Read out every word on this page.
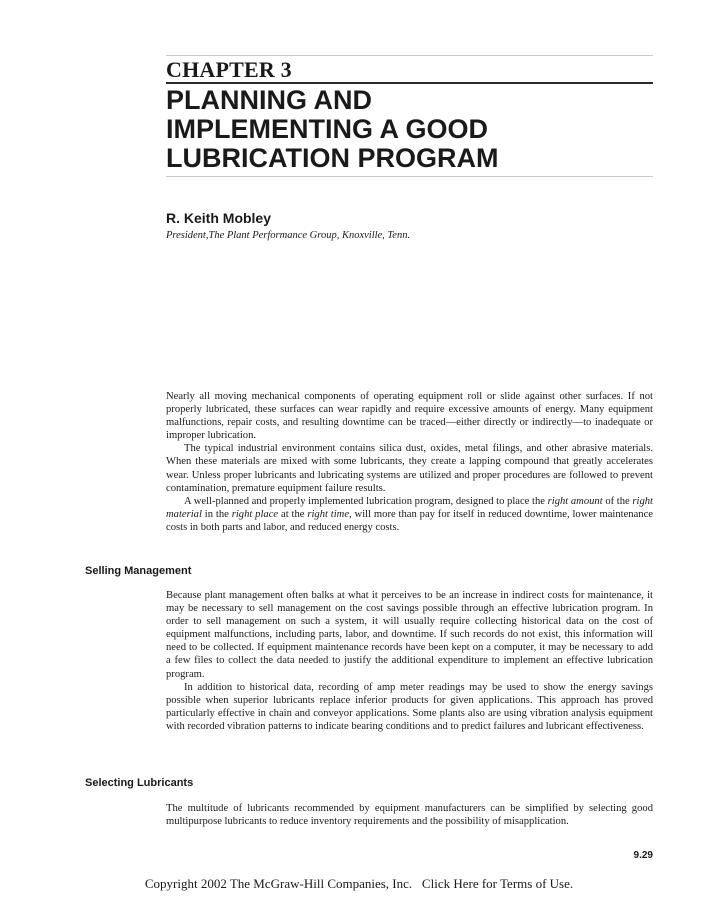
CHAPTER 3
PLANNING AND
IMPLEMENTING A GOOD
LUBRICATION PROGRAM
R. Keith Mobley
President,The Plant Performance Group, Knoxville, Tenn.

Nearly all moving mechanical components of operating equipment roll or slide against other surfaces. If not properly lubricated, these surfaces can wear rapidly and require excessive amounts of energy. Many equipment malfunctions, repair costs, and resulting downtime can be traced—either directly or indirectly—to inadequate or improper lubrication.

The typical industrial environment contains silica dust, oxides, metal filings, and other abrasive materials. When these materials are mixed with some lubricants, they create a lapping compound that greatly accelerates wear. Unless proper lubricants and lubricating systems are utilized and proper procedures are followed to prevent contamination, premature equipment failure results.

A well-planned and properly implemented lubrication program, designed to place the right amount of the right material in the right place at the right time, will more than pay for itself in reduced downtime, lower maintenance costs in both parts and labor, and reduced energy costs.

Selling Management

Because plant management often balks at what it perceives to be an increase in indirect costs for maintenance, it may be necessary to sell management on the cost savings possible through an effective lubrication program. In order to sell management on such a system, it will usually require collecting historical data on the cost of equipment malfunctions, including parts, labor, and downtime. If such records do not exist, this information will need to be collected. If equipment maintenance records have been kept on a computer, it may be necessary to add a few files to collect the data needed to justify the additional expenditure to implement an effective lubrication program.

In addition to historical data, recording of amp meter readings may be used to show the energy savings possible when superior lubricants replace inferior products for given applications. This approach has proved particularly effective in chain and conveyor applications. Some plants also are using vibration analysis equipment with recorded vibration patterns to indicate bearing conditions and to predict failures and lubricant effectiveness.

Selecting Lubricants

The multitude of lubricants recommended by equipment manufacturers can be simplified by selecting good multipurpose lubricants to reduce inventory requirements and the possibility of misapplication.

9.29
Copyright 2002 The McGraw-Hill Companies, Inc. Click Here for Terms of Use.
